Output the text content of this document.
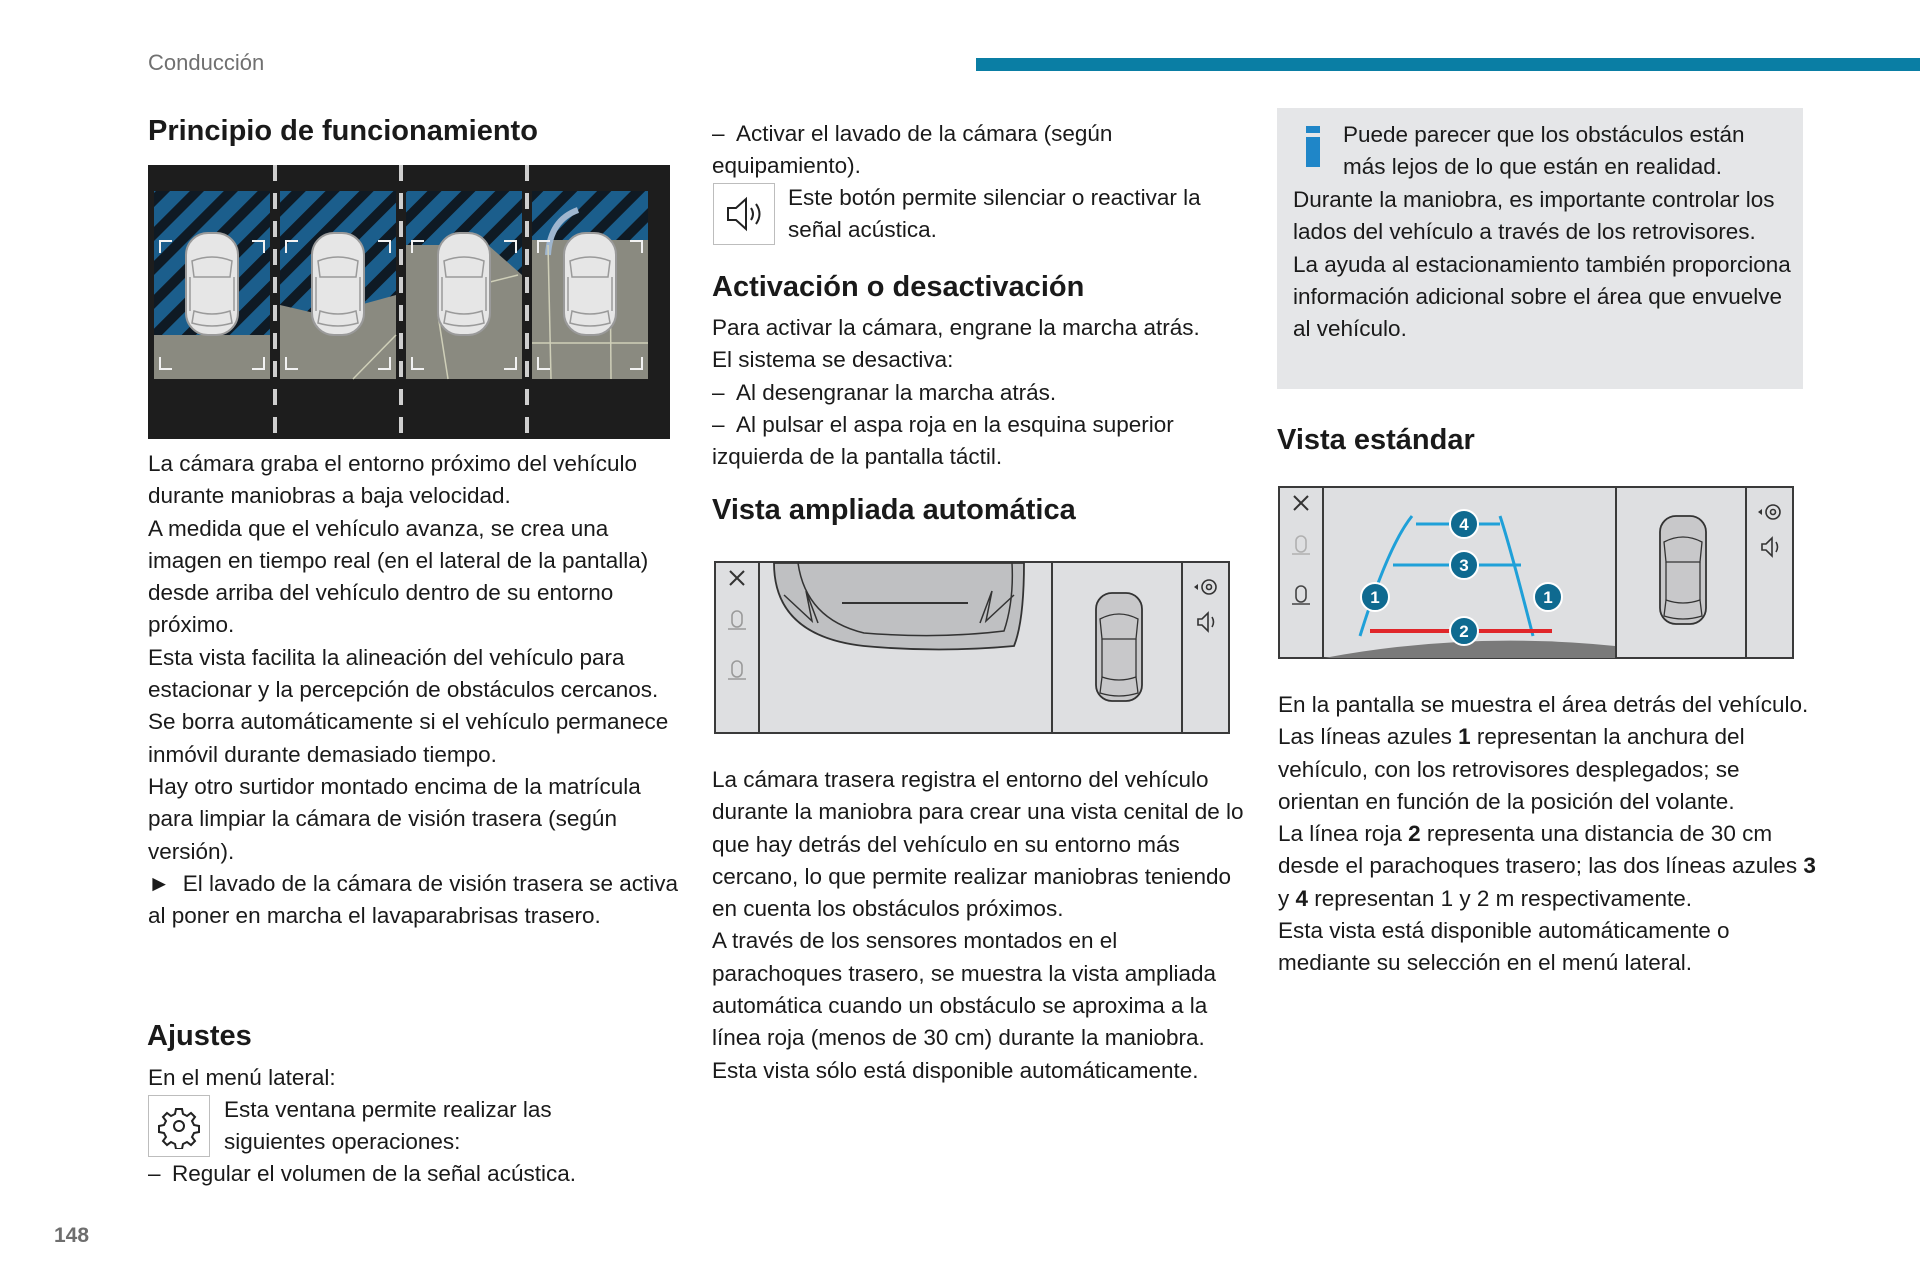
Conducción
Principio de funcionamiento

La cámara graba el entorno próximo del vehículo durante maniobras a baja velocidad.

A medida que el vehículo avanza, se crea una imagen en tiempo real (en el lateral de la pantalla) desde arriba del vehículo dentro de su entorno próximo.

Esta vista facilita la alineación del vehículo para estacionar y la percepción de obstáculos cercanos. Se borra automáticamente si el vehículo permanece inmóvil durante demasiado tiempo.

Hay otro surtidor montado encima de la matrícula para limpiar la cámara de visión trasera (según versión).

► El lavado de la cámara de visión trasera se activa al poner en marcha el lavaparabrisas trasero.

Ajustes
En el menú lateral:
Esta ventana permite realizar las siguientes operaciones:
– Regular el volumen de la señal acústica.
– Activar el lavado de la cámara (según equipamiento).
Este botón permite silenciar o reactivar la señal acústica.
Activación o desactivación

Para activar la cámara, engrane la marcha atrás.

El sistema se desactiva:

– Al desengranar la marcha atrás.

– Al pulsar el aspa roja en la esquina superior izquierda de la pantalla táctil.

Vista ampliada automática

La cámara trasera registra el entorno del vehículo durante la maniobra para crear una vista cenital de lo que hay detrás del vehículo en su entorno más cercano, lo que permite realizar maniobras teniendo en cuenta los obstáculos próximos.

A través de los sensores montados en el parachoques trasero, se muestra la vista ampliada automática cuando un obstáculo se aproxima a la línea roja (menos de 30 cm) durante la maniobra.

Esta vista sólo está disponible automáticamente.

Puede parecer que los obstáculos están más lejos de lo que están en realidad.

Durante la maniobra, es importante controlar los lados del vehículo a través de los retrovisores.

La ayuda al estacionamiento también proporciona información adicional sobre el área que envuelve al vehículo.

Vista estándar
4
3
1	1
2

En la pantalla se muestra el área detrás del vehículo.

Las líneas azules 1 representan la anchura del vehículo, con los retrovisores desplegados; se orientan en función de la posición del volante.

La línea roja 2 representa una distancia de 30 cm desde el parachoques trasero; las dos líneas azules 3 y 4 representan 1 y 2 m respectivamente.

Esta vista está disponible automáticamente o mediante su selección en el menú lateral.

148
